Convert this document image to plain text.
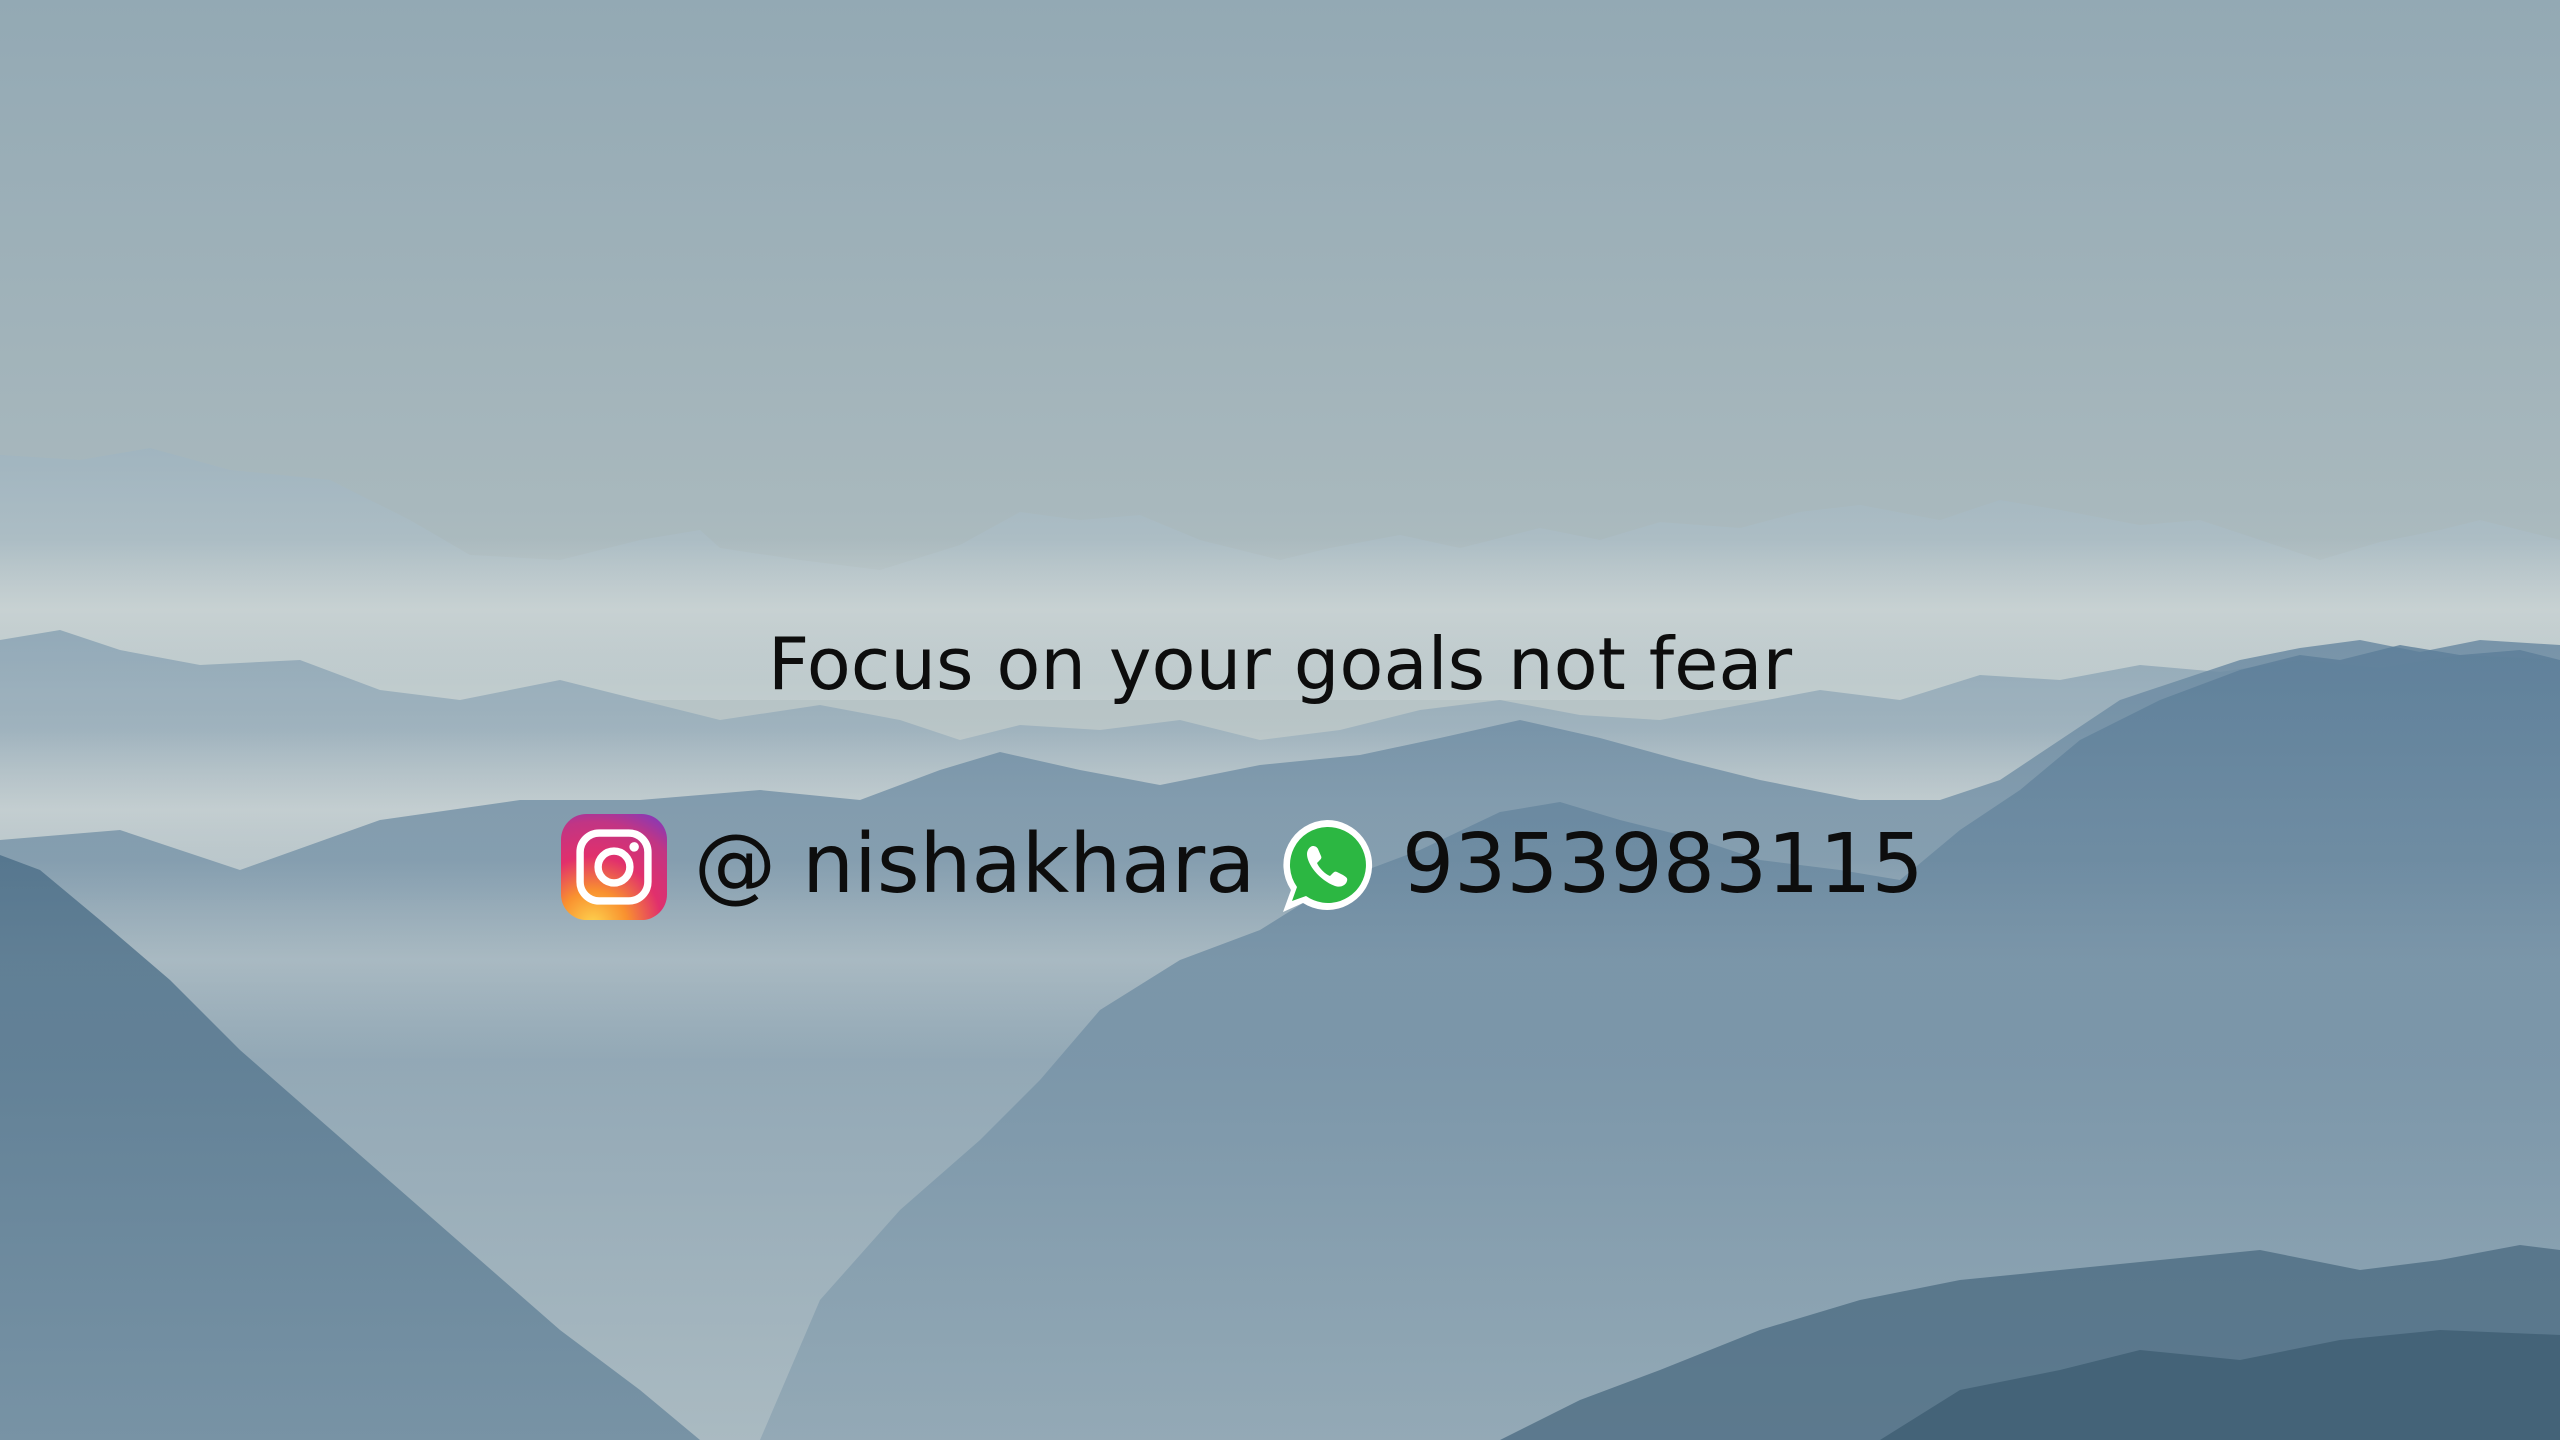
Focus on your goals not fear
@ nishakhara 9353983115
